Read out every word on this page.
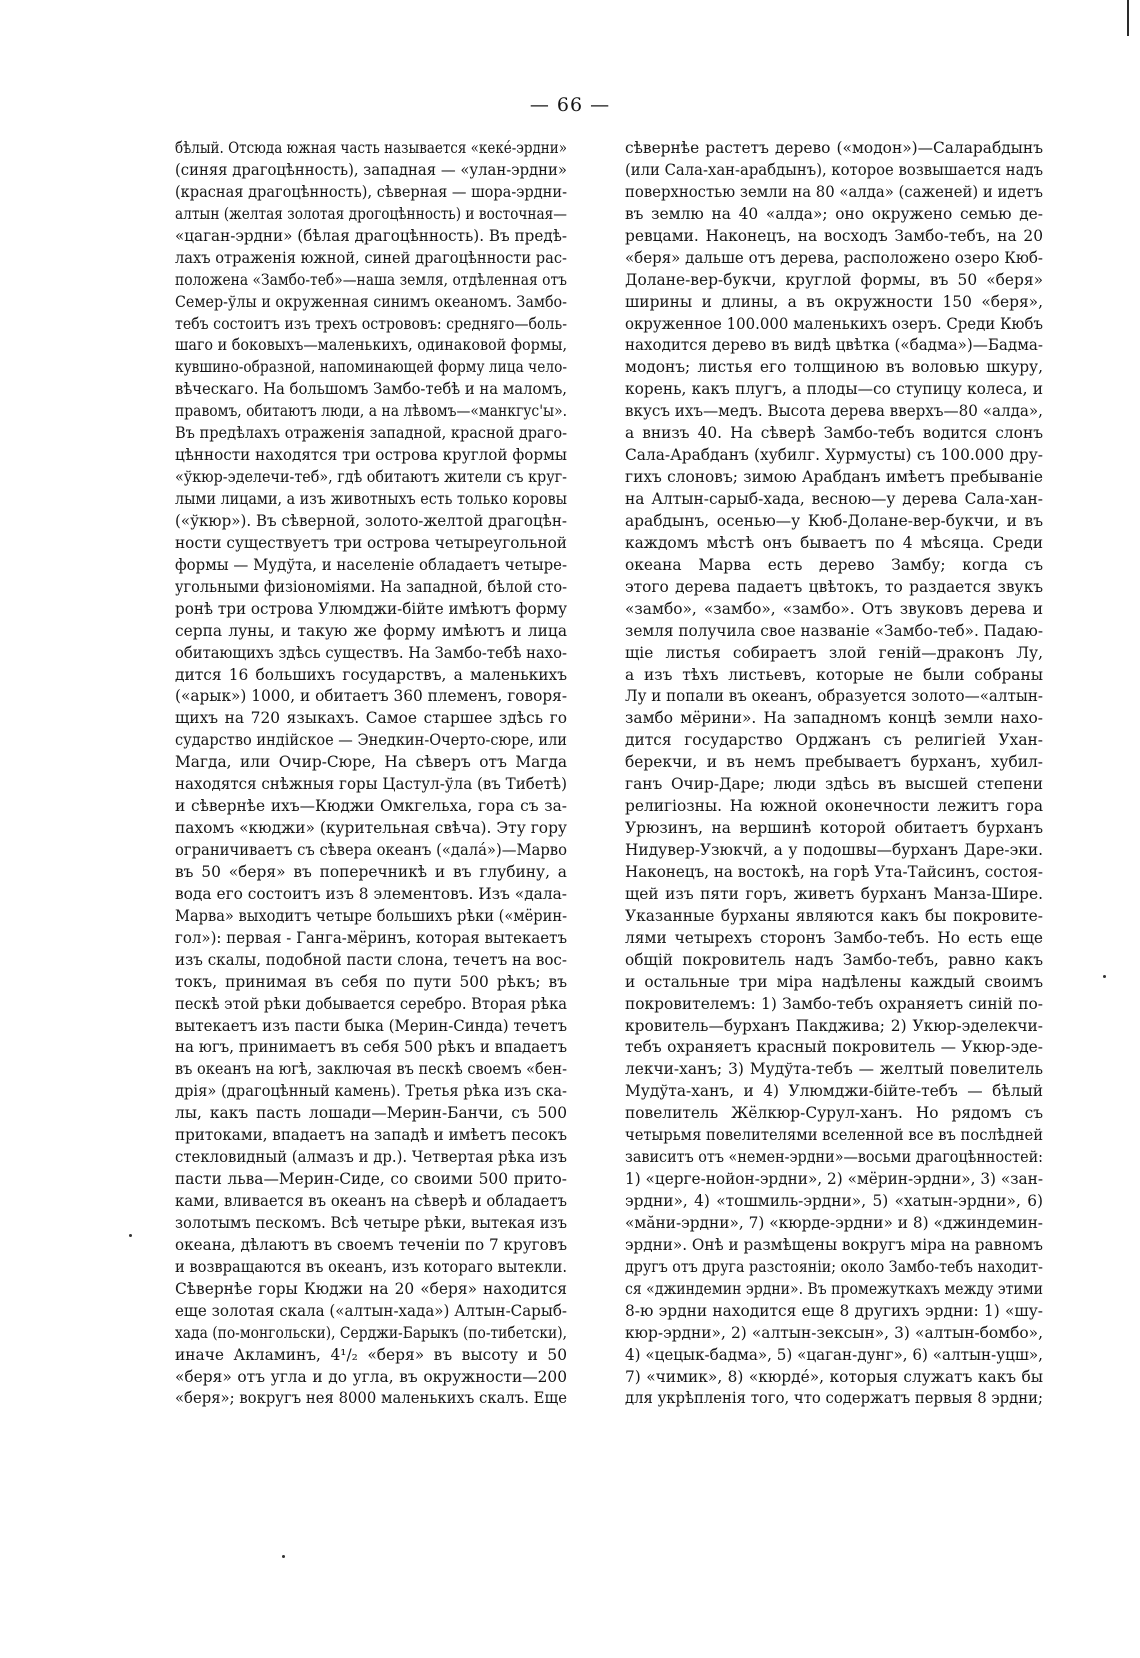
— 66 —
бѣлый. Отсюда южная часть называется «кеке́-эрдни»
(синяя драгоцѣнность), западная — «улан-эрдни»
(красная драгоцѣнность), сѣверная — шора-эрдни-
алтын (желтая золотая дрогоцѣнность) и восточная—
«цаган-эрдни» (бѣлая драгоцѣнность). Въ предѣ-
лахъ отраженія южной, синей драгоцѣнности рас-
положена «Замбо-теб»—наша земля, отдѣленная отъ
Семер-ўлы и окруженная синимъ океаномъ. Замбо-
тебъ состоитъ изъ трехъ острововъ: средняго—боль-
шаго и боковыхъ—маленькихъ, одинаковой формы,
кувшино-образной, напоминающей форму лица чело-
вѣческаго. На большомъ Замбо-тебѣ и на маломъ,
правомъ, обитаютъ люди, а на лѣвомъ—«манкгус'ы».
Въ предѣлахъ отраженія западной, красной драго-
цѣнности находятся три острова круглой формы
«ўкюр-эделечи-теб», гдѣ обитаютъ жители съ круг-
лыми лицами, а изъ животныхъ есть только коровы
(«ўкюр»). Въ сѣверной, золото-желтой драгоцѣн-
ности существуетъ три острова четыреугольной
формы — Мудўта, и населеніе обладаетъ четыре-
угольными физіономіями. На западной, бѣлой сто-
ронѣ три острова Улюмджи-бійте имѣютъ форму
серпа луны, и такую же форму имѣютъ и лица
обитающихъ здѣсь существъ. На Замбо-тебѣ нахо-
дится 16 большихъ государствъ, а маленькихъ
(«арык») 1000, и обитаетъ 360 племенъ, говоря-
щихъ на 720 языкахъ. Самое старшее здѣсь го
сударство индійское — Энедкин-Очерто-сюре, или
Магда, или Очир-Сюре, На сѣверъ отъ Магда
находятся снѣжныя горы Цастул-ўла (въ Тибетѣ)
и сѣвернѣе ихъ—Кюджи Омкгельха, гора съ за-
пахомъ «кюджи» (курительная свѣча). Эту гору
ограничиваетъ съ сѣвера океанъ («дала́»)—Марво
въ 50 «беря» въ поперечникѣ и въ глубину, а
вода его состоитъ изъ 8 элементовъ. Изъ «дала-
Марва» выходитъ четыре большихъ рѣки («мёрин-
гол»): первая - Ганга-мёринъ, которая вытекаетъ
изъ скалы, подобной пасти слона, течетъ на вос-
токъ, принимая въ себя по пути 500 рѣкъ; въ
пескѣ этой рѣки добывается серебро. Вторая рѣка
вытекаетъ изъ пасти быка (Мерин-Синда) течетъ
на югъ, принимаетъ въ себя 500 рѣкъ и впадаетъ
въ океанъ на югѣ, заключая въ пескѣ своемъ «бен-
дрія» (драгоцѣнный камень). Третья рѣка изъ ска-
лы, какъ пасть лошади—Мерин-Банчи, съ 500
притоками, впадаетъ на западѣ и имѣетъ песокъ
стекловидный (алмазъ и др.). Четвертая рѣка изъ
пасти льва—Мерин-Сиде, со своими 500 прито-
ками, вливается въ океанъ на сѣверѣ и обладаетъ
золотымъ пескомъ. Всѣ четыре рѣки, вытекая изъ
океана, дѣлаютъ въ своемъ теченіи по 7 круговъ
и возвращаются въ океанъ, изъ котораго вытекли.
Сѣвернѣе горы Кюджи на 20 «беря» находится
еще золотая скала («алтын-хада») Алтын-Сарыб-
хада (по-монгольски), Серджи-Барыкъ (по-тибетски),
иначе Акламинъ, 4¹/₂ «беря» въ высоту и 50
«беря» отъ угла и до угла, въ окружности—200
«беря»; вокругъ нея 8000 маленькихъ скалъ. Еще
сѣвернѣе растетъ дерево («модон»)—Саларабдынъ
(или Сала-хан-арабдынъ), которое возвышается надъ
поверхностью земли на 80 «алда» (саженей) и идетъ
въ землю на 40 «алда»; оно окружено семью де-
ревцами. Наконецъ, на восходъ Замбо-тебъ, на 20
«беря» дальше отъ дерева, расположено озеро Кюб-
Долане-вер-букчи, круглой формы, въ 50 «беря»
ширины и длины, а въ окружности 150 «беря»,
окруженное 100.000 маленькихъ озеръ. Среди Кюбъ
находится дерево въ видѣ цвѣтка («бадма»)—Бадма-
модонъ; листья его толщиною въ воловью шкуру,
корень, какъ плугъ, а плоды—со ступицу колеса, и
вкусъ ихъ—медъ. Высота дерева вверхъ—80 «алда»,
а внизъ 40. На сѣверѣ Замбо-тебъ водится слонъ
Сала-Арабданъ (хубилг. Хурмусты) съ 100.000 дру-
гихъ слоновъ; зимою Арабданъ имѣетъ пребываніе
на Алтын-сарыб-хада, весною—у дерева Сала-хан-
арабдынъ, осенью—у Кюб-Долане-вер-букчи, и въ
каждомъ мѣстѣ онъ бываетъ по 4 мѣсяца. Среди
океана Марва есть дерево Замбу; когда съ
этого дерева падаетъ цвѣтокъ, то раздается звукъ
«замбо», «замбо», «замбо». Отъ звуковъ дерева и
земля получила свое названіе «Замбо-теб». Падаю-
щіе листья собираетъ злой геній—драконъ Лу,
а изъ тѣхъ листьевъ, которые не были собраны
Лу и попали въ океанъ, образуется золото—«алтын-
замбо мёрини». На западномъ концѣ земли нахо-
дится государство Орджанъ съ религіей Ухан-
берекчи, и въ немъ пребываетъ бурханъ, хубил-
ганъ Очир-Даре; люди здѣсь въ высшей степени
религіозны. На южной оконечности лежитъ гора
Урюзинъ, на вершинѣ которой обитаетъ бурханъ
Нидувер-Узюкчй, а у подошвы—бурханъ Даре-эки.
Наконецъ, на востокѣ, на горѣ Ута-Тайсинъ, состоя-
щей изъ пяти горъ, живетъ бурханъ Манза-Шире.
Указанные бурханы являются какъ бы покровите-
лями четырехъ сторонъ Замбо-тебъ. Но есть еще
общій покровитель надъ Замбо-тебъ, равно какъ
и остальные три міра надѣлены каждый своимъ
покровителемъ: 1) Замбо-тебъ охраняетъ синій по-
кровитель—бурханъ Пакджива; 2) Укюр-эделекчи-
тебъ охраняетъ красный покровитель — Укюр-эде-
лекчи-ханъ; 3) Мудўта-тебъ — желтый повелитель
Мудўта-ханъ, и 4) Улюмджи-бійте-тебъ — бѣлый
повелитель Жёлкюр-Сурул-ханъ. Но рядомъ съ
четырьмя повелителями вселенной все въ послѣдней
зависитъ отъ «немен-эрдни»—восьми драгоцѣнностей:
1) «церге-нойон-эрдни», 2) «мёрин-эрдни», 3) «зан-
эрдни», 4) «тошмиль-эрдни», 5) «хатын-эрдни», 6)
«мăни-эрдни», 7) «кюрде-эрдни» и 8) «джиндемин-
эрдни». Онѣ и размѣщены вокругъ міра на равномъ
другъ отъ друга разстояніи; около Замбо-тебъ находит-
ся «джиндемин эрдни». Въ промежуткахъ между этими
8-ю эрдни находится еще 8 другихъ эрдни: 1) «шу-
кюр-эрдни», 2) «алтын-зексын», 3) «алтын-бомбо»,
4) «цецык-бадма», 5) «цаган-дунг», 6) «алтын-уцш»,
7) «чимик», 8) «кюрдé», которыя служатъ какъ бы
для укрѣпленія того, что содержатъ первыя 8 эрдни;
